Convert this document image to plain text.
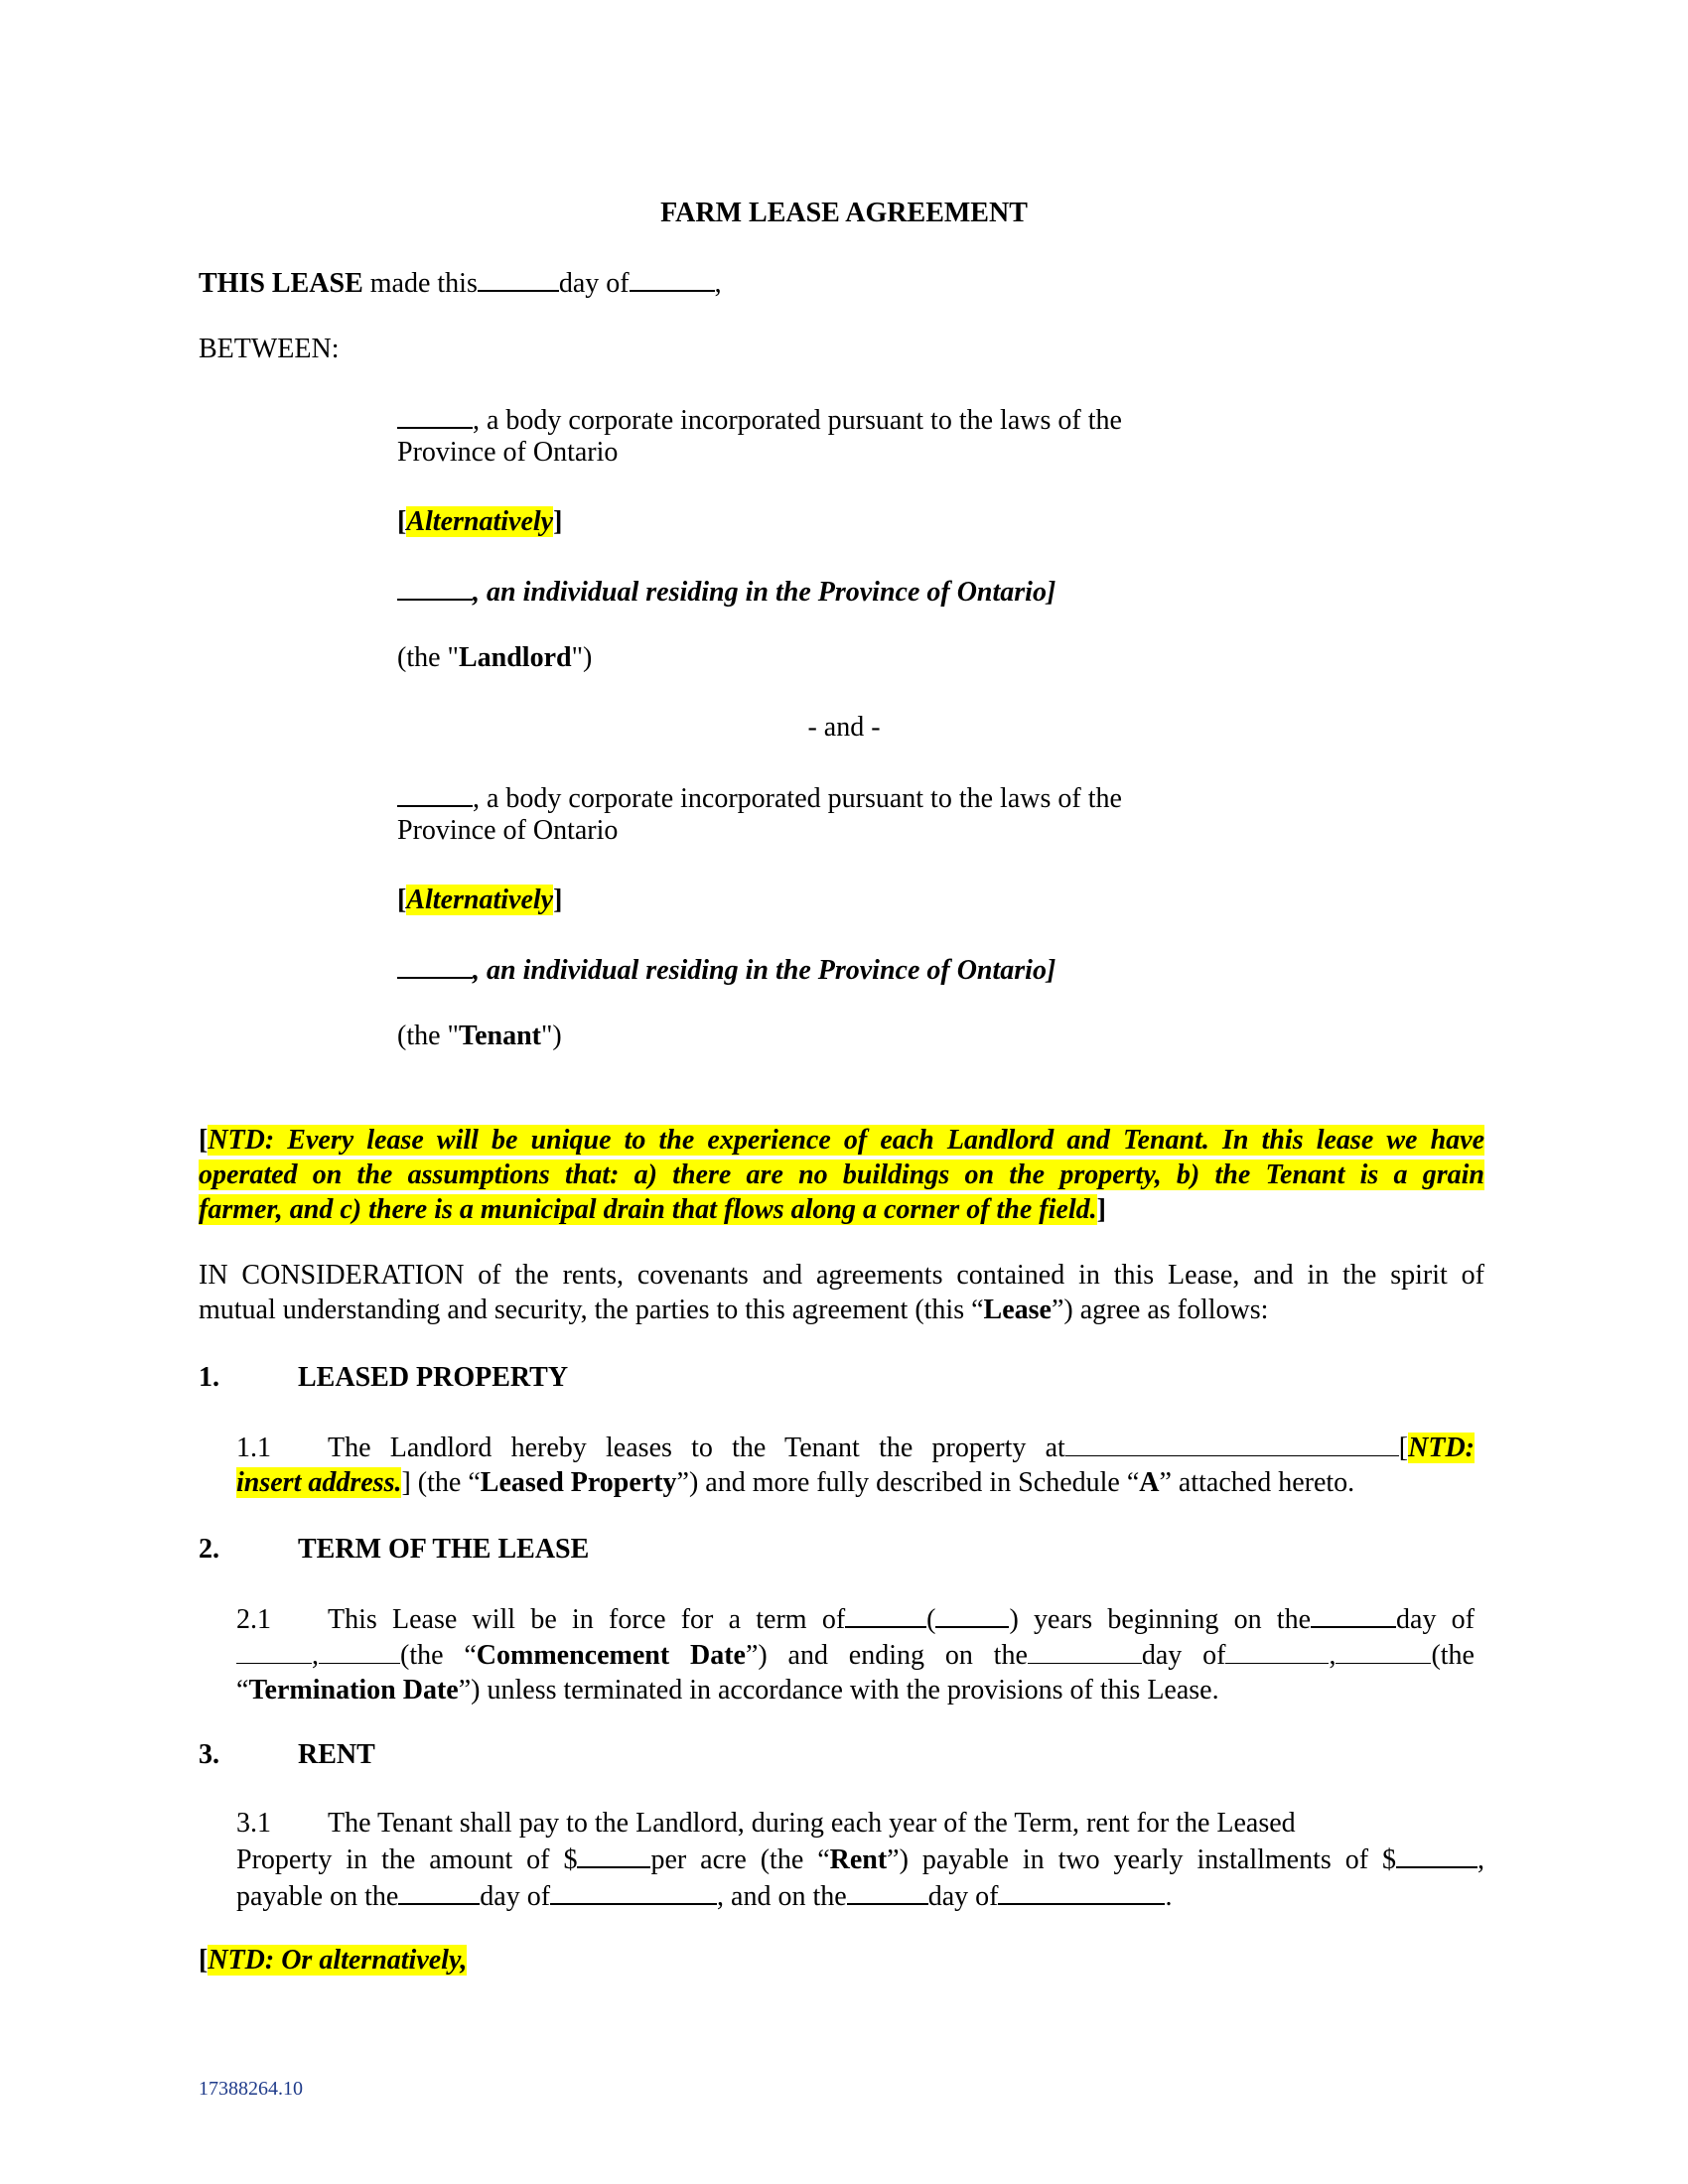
FARM LEASE AGREEMENT
THIS LEASE made this	day of	,
BETWEEN:
, a body corporate incorporated pursuant to the laws of the
Province of Ontario
[Alternatively]
, an individual residing in the Province of Ontario]
(the "Landlord")
- and -
, a body corporate incorporated pursuant to the laws of the
Province of Ontario
[Alternatively]
, an individual residing in the Province of Ontario]
(the "Tenant")
[NTD: Every lease will be unique to the experience of each Landlord and Tenant. In this lease we have
operated on the assumptions that: a) there are no buildings on the property, b) the Tenant is a grain
farmer, and c) there is a municipal drain that flows along a corner of the field.]
IN CONSIDERATION of the rents, covenants and agreements contained in this Lease, and in the spirit of
mutual understanding and security, the parties to this agreement (this “Lease”) agree as follows:
1.	LEASED PROPERTY
1.1 The Landlord hereby leases to the Tenant the property at	[NTD:
insert address.] (the “Leased Property”) and more fully described in Schedule “A” attached hereto.
2.	TERM OF THE LEASE
2.1 This Lease will be in force for a term of	(	) years beginning on the	day of
,	(the “Commencement Date”) and ending on the	day of	,	(the
“Termination Date”) unless terminated in accordance with the provisions of this Lease.
3.	RENT
3.1 The Tenant shall pay to the Landlord, during each year of the Term, rent for the Leased
Property in the amount of $	per acre (the “Rent”) payable in two yearly installments of $	,
payable on the	day of	, and on the	day of	.
[NTD: Or alternatively,
17388264.10
